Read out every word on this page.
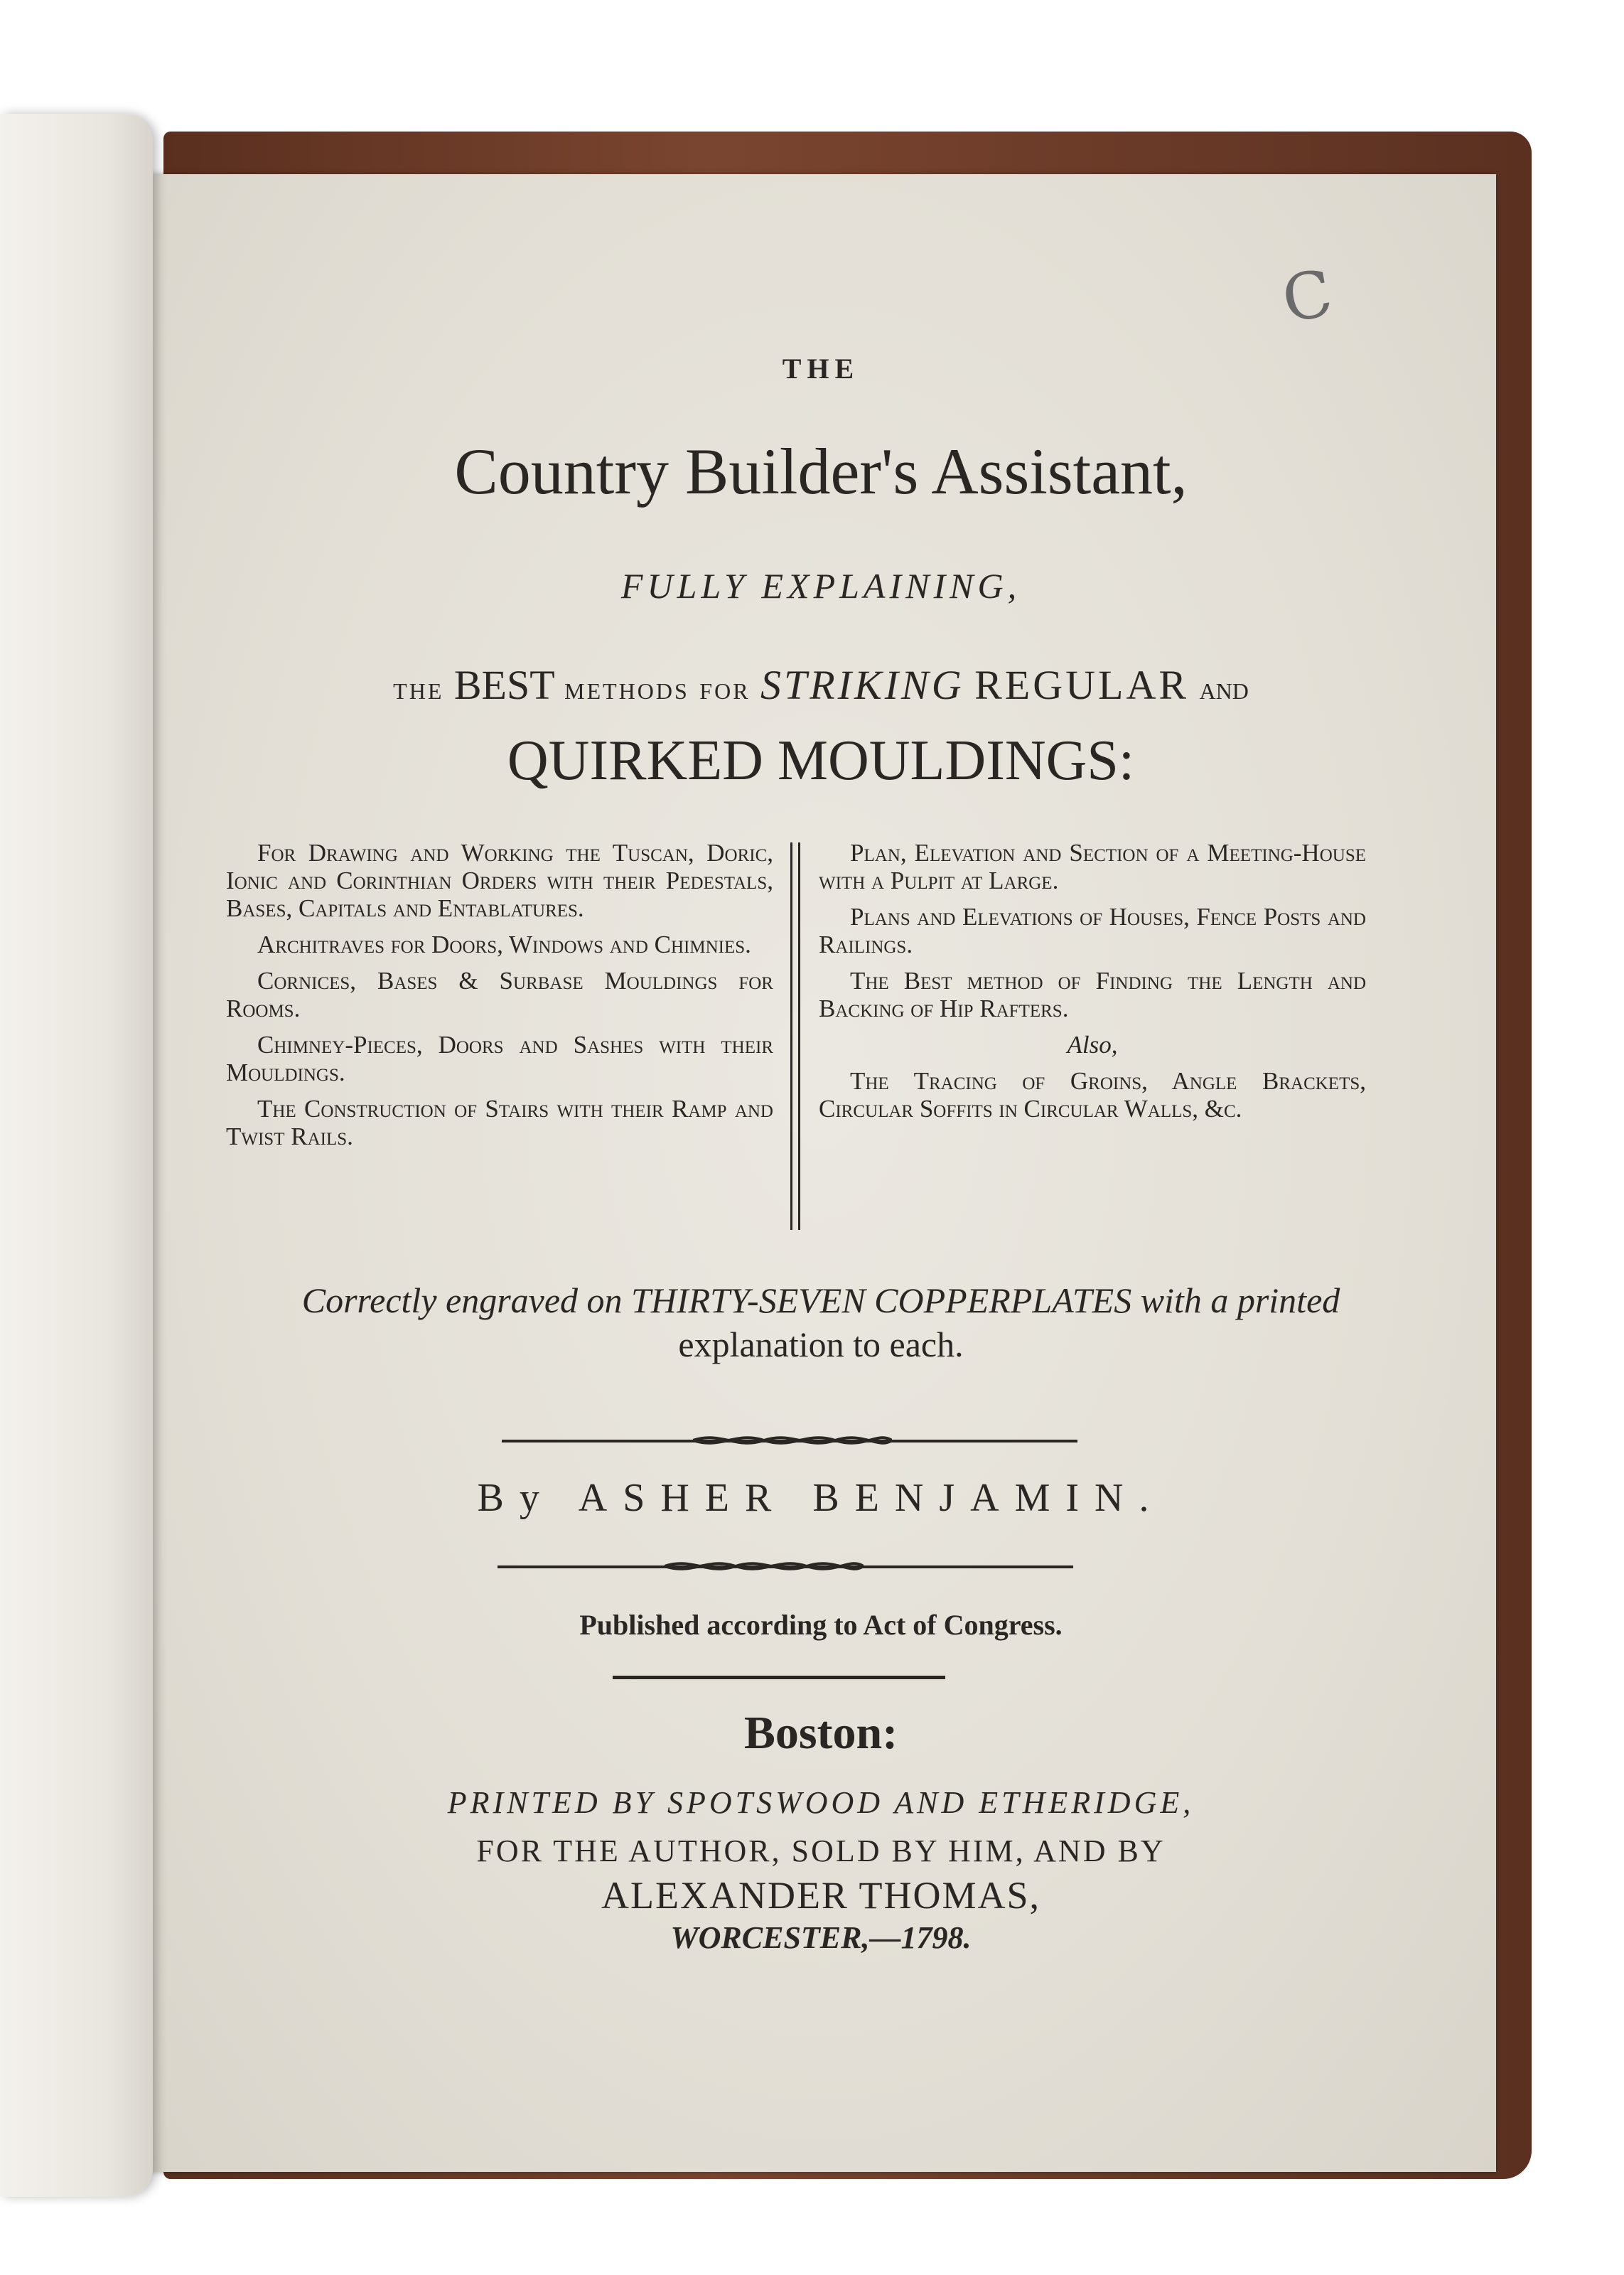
C
THE
Country Builder's Assistant,
FULLY EXPLAINING,
the BEST methods for STRIKING REGULAR and
QUIRKED MOULDINGS:

For Drawing and Working the Tuscan, Doric, Ionic and Corinthian Orders with their Pedestals, Bases, Capitals and Entablatures.

Architraves for Doors, Windows and Chimnies.

Cornices, Bases & Surbase Mouldings for Rooms.

Chimney-Pieces, Doors and Sashes with their Mouldings.

The Construction of Stairs with their Ramp and Twist Rails.

Plan, Elevation and Section of a Meeting-House with a Pulpit at Large.

Plans and Elevations of Houses, Fence Posts and Railings.

The Best method of Finding the Length and Backing of Hip Rafters.

Also,

The Tracing of Groins, Angle Brackets, Circular Soffits in Circular Walls, &c.

Correctly engraved on THIRTY-SEVEN COPPERPLATES with a printed
explanation to each.
By ASHER BENJAMIN.
Published according to Act of Congress.
Boston:
PRINTED BY SPOTSWOOD AND ETHERIDGE,
FOR THE AUTHOR, SOLD BY HIM, AND BY
ALEXANDER THOMAS,
WORCESTER,—1798.
